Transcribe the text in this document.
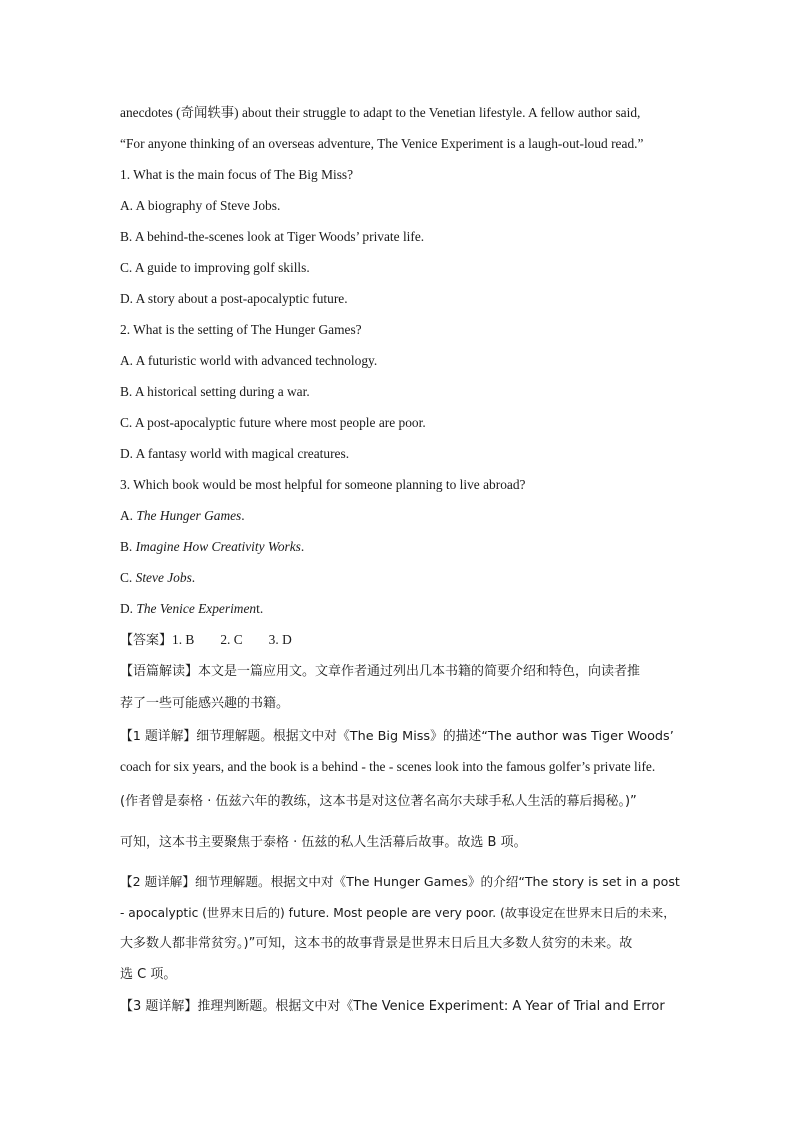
anecdotes (奇闻轶事) about their struggle to adapt to the Venetian lifestyle. A fellow author said,
“For anyone thinking of an overseas adventure, The Venice Experiment is a laugh-out-loud read.”
1. What is the main focus of The Big Miss?
A. A biography of Steve Jobs.
B. A behind-the-scenes look at Tiger Woods’ private life.
C. A guide to improving golf skills.
D. A story about a post-apocalyptic future.
2. What is the setting of The Hunger Games?
A. A futuristic world with advanced technology.
B. A historical setting during a war.
C. A post-apocalyptic future where most people are poor.
D. A fantasy world with magical creatures.
3. Which book would be most helpful for someone planning to live abroad?
A. The Hunger Games.
B. Imagine How Creativity Works.
C. Steve Jobs.
D. The Venice Experiment.
【答案】1. B 2. C 3. D
【语篇解读】本文是一篇应用文。文章作者通过列出几本书籍的简要介绍和特色，向读者推
荐了一些可能感兴趣的书籍。
【1 题详解】细节理解题。根据文中对《The Big Miss》的描述“The author was Tiger Woods’
coach for six years, and the book is a behind - the - scenes look into the famous golfer’s private life.
(作者曾是泰格 · 伍兹六年的教练，这本书是对这位著名高尔夫球手私人生活的幕后揭秘。)”
可知，这本书主要聚焦于泰格 · 伍兹的私人生活幕后故事。故选 B 项。
【2 题详解】细节理解题。根据文中对《The Hunger Games》的介绍“The story is set in a post
- apocalyptic (世界末日后的) future. Most people are very poor. (故事设定在世界末日后的未来，
大多数人都非常贫穷。)”可知，这本书的故事背景是世界末日后且大多数人贫穷的未来。故
选 C 项。
【3 题详解】推理判断题。根据文中对《The Venice Experiment: A Year of Trial and Error
